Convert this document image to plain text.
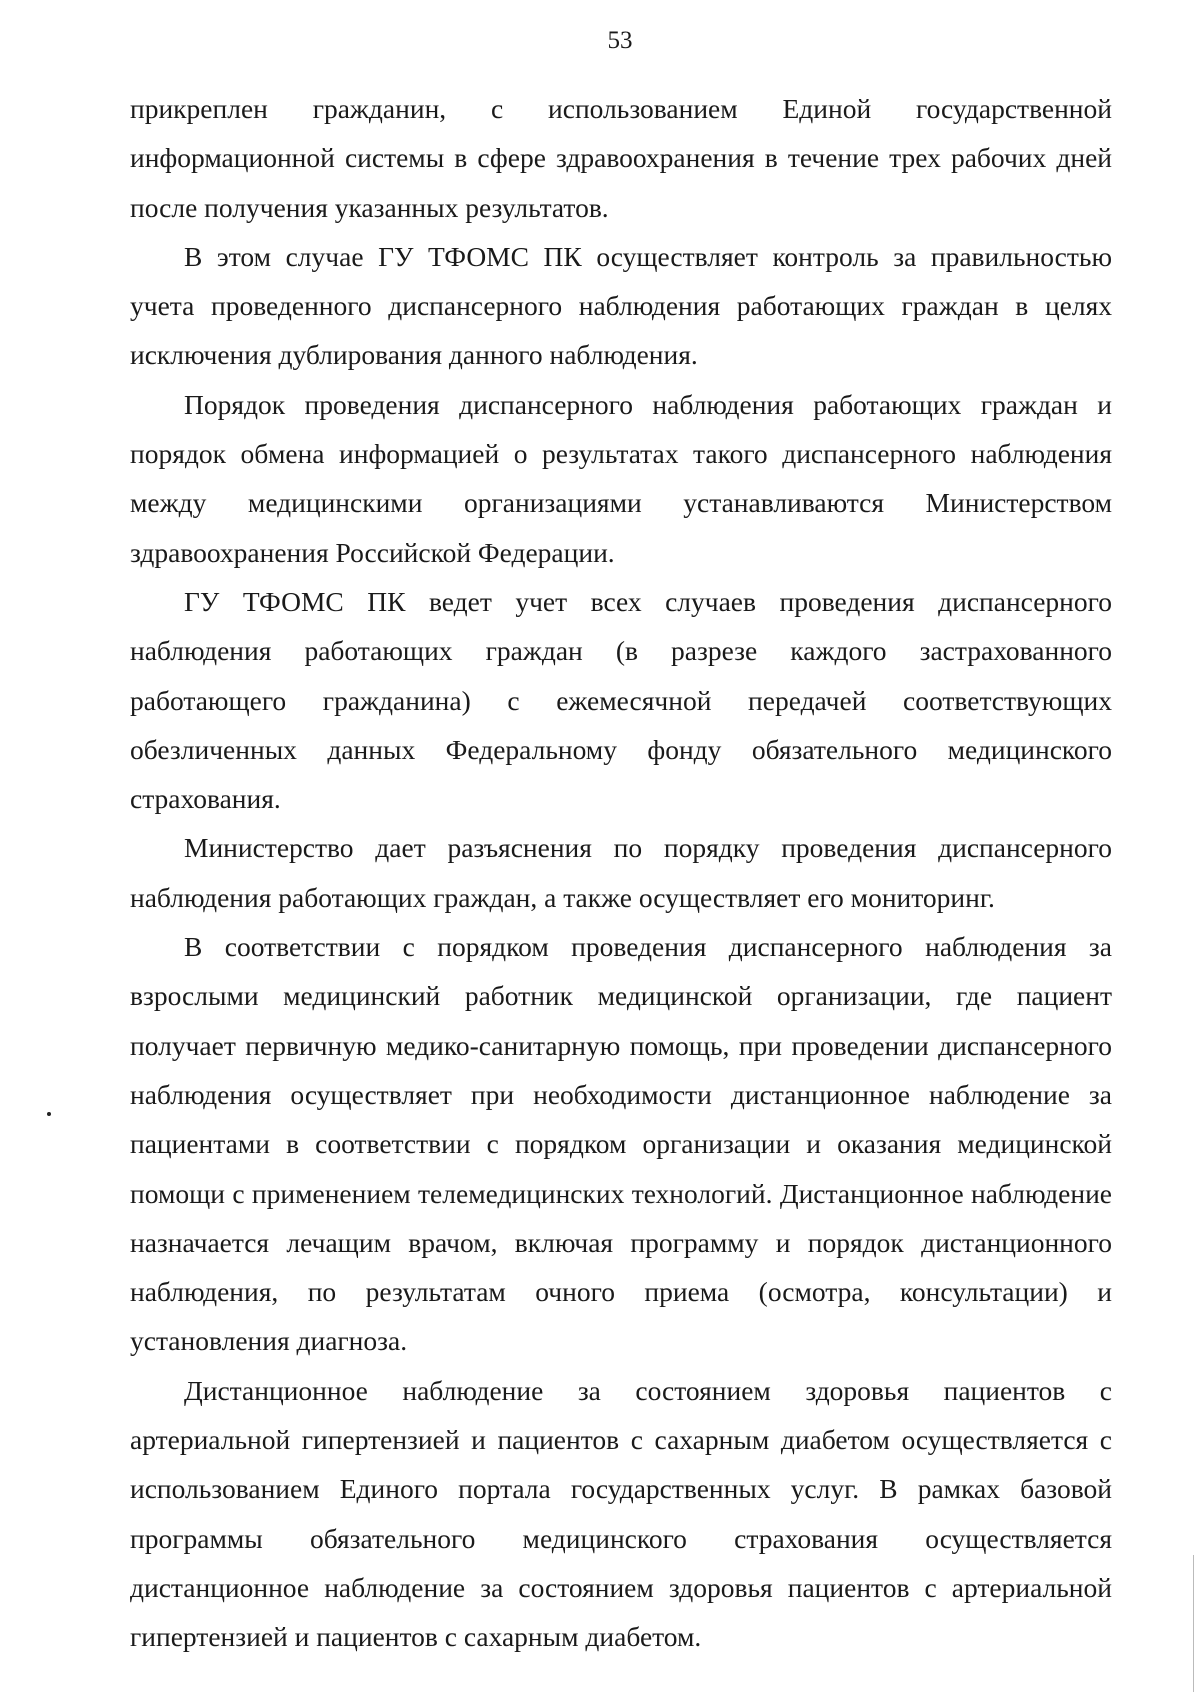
53

прикреплен гражданин, с использованием Единой государственной информационной системы в сфере здравоохранения в течение трех рабочих дней после получения указанных результатов.

В этом случае ГУ ТФОМС ПК осуществляет контроль за правильностью учета проведенного диспансерного наблюдения работающих граждан в целях исключения дублирования данного наблюдения.

Порядок проведения диспансерного наблюдения работающих граждан и порядок обмена информацией о результатах такого диспансерного наблюдения между медицинскими организациями устанавливаются Министерством здравоохранения Российской Федерации.

ГУ ТФОМС ПК ведет учет всех случаев проведения диспансерного наблюдения работающих граждан (в разрезе каждого застрахованного работающего гражданина) с ежемесячной передачей соответствующих обезличенных данных Федеральному фонду обязательного медицинского страхования.

Министерство дает разъяснения по порядку проведения диспансерного наблюдения работающих граждан, а также осуществляет его мониторинг.

В соответствии с порядком проведения диспансерного наблюдения за взрослыми медицинский работник медицинской организации, где пациент получает первичную медико-санитарную помощь, при проведении диспансерного наблюдения осуществляет при необходимости дистанционное наблюдение за пациентами в соответствии с порядком организации и оказания медицинской помощи с применением телемедицинских технологий. Дистанционное наблюдение назначается лечащим врачом, включая программу и порядок дистанционного наблюдения, по результатам очного приема (осмотра, консультации) и установления диагноза.

Дистанционное наблюдение за состоянием здоровья пациентов с артериальной гипертензией и пациентов с сахарным диабетом осуществляется с использованием Единого портала государственных услуг. В рамках базовой программы обязательного медицинского страхования осуществляется дистанционное наблюдение за состоянием здоровья пациентов с артериальной гипертензией и пациентов с сахарным диабетом.
